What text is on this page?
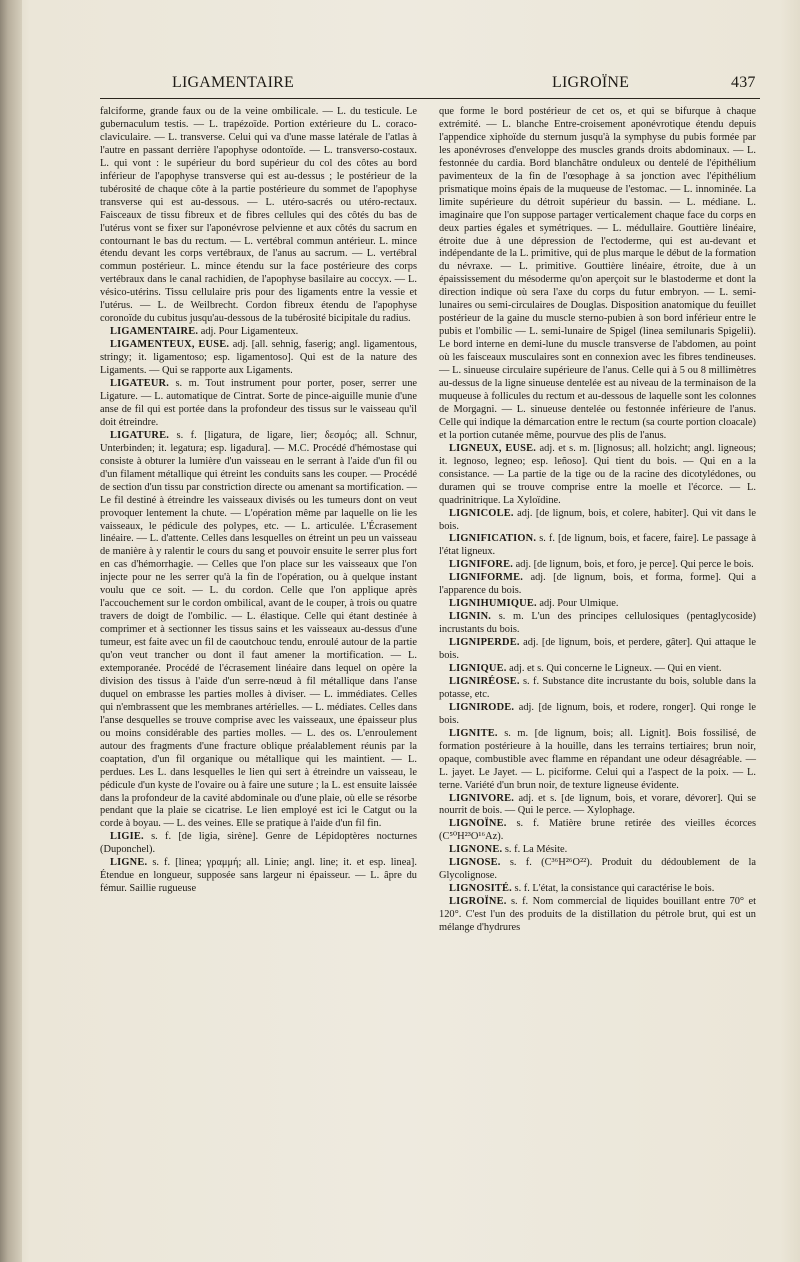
LIGAMENTAIRE	LIGROÏNE	437

falciforme, grande faux ou de la veine ombilicale. — L. du testicule. Le gubernaculum testis. — L. trapézoïde. Portion extérieure du L. coraco-claviculaire. — L. transverse. Celui qui va d'une masse latérale de l'atlas à l'autre en passant derrière l'apophyse odontoïde. — L. transverso-costaux. L. qui vont : le supérieur du bord supérieur du col des côtes au bord inférieur de l'apophyse transverse qui est au-dessus ; le postérieur de la tubérosité de chaque côte à la partie postérieure du sommet de l'apophyse transverse qui est au-dessous. — L. utéro-sacrés ou utéro-rectaux. Faisceaux de tissu fibreux et de fibres cellules qui des côtés du bas de l'utérus vont se fixer sur l'aponévrose pelvienne et aux côtés du sacrum en contournant le bas du rectum. — L. vertébral commun antérieur. L. mince étendu devant les corps vertébraux, de l'anus au sacrum. — L. vertébral commun postérieur. L. mince étendu sur la face postérieure des corps vertébraux dans le canal rachidien, de l'apophyse basilaire au coccyx. — L. vésico-utérins. Tissu cellulaire pris pour des ligaments entre la vessie et l'utérus. — L. de Weilbrecht. Cordon fibreux étendu de l'apophyse coronoïde du cubitus jusqu'au-dessous de la tubérosité bicipitale du radius.

LIGAMENTAIRE. adj. Pour Ligamenteux.

LIGAMENTEUX, EUSE. adj. [all. sehnig, faserig; angl. ligamentous, stringy; it. ligamentoso; esp. ligamentoso]. Qui est de la nature des Ligaments. — Qui se rapporte aux Ligaments.

LIGATEUR. s. m. Tout instrument pour porter, poser, serrer une Ligature. — L. automatique de Cintrat. Sorte de pince-aiguille munie d'une anse de fil qui est portée dans la profondeur des tissus sur le vaisseau qu'il doit étreindre.

LIGATURE. s. f. [ligatura, de ligare, lier; δεσμός; all. Schnur, Unterbinden; it. legatura; esp. ligadura]. — M.C. Procédé d'hémostase qui consiste à obturer la lumière d'un vaisseau en le serrant à l'aide d'un fil ou d'un filament métallique qui étreint les conduits sans les couper. — Procédé de section d'un tissu par constriction directe ou amenant sa mortification. — Le fil destiné à étreindre les vaisseaux divisés ou les tumeurs dont on veut provoquer lentement la chute. — L'opération même par laquelle on lie les vaisseaux, le pédicule des polypes, etc. — L. articulée. L'Écrasement linéaire. — L. d'attente. Celles dans lesquelles on étreint un peu un vaisseau de manière à y ralentir le cours du sang et pouvoir ensuite le serrer plus fort en cas d'hémorrhagie. — Celles que l'on place sur les vaisseaux que l'on injecte pour ne les serrer qu'à la fin de l'opération, ou à quelque instant voulu que ce soit. — L. du cordon. Celle que l'on applique après l'accouchement sur le cordon ombilical, avant de le couper, à trois ou quatre travers de doigt de l'ombilic. — L. élastique. Celle qui étant destinée à comprimer et à sectionner les tissus sains et les vaisseaux au-dessus d'une tumeur, est faite avec un fil de caoutchouc tendu, enroulé autour de la partie qu'on veut trancher ou dont il faut amener la mortification. — L. extemporanée. Procédé de l'écrasement linéaire dans lequel on opère la division des tissus à l'aide d'un serre-nœud à fil métallique dans l'anse duquel on embrasse les parties molles à diviser. — L. immédiates. Celles qui n'embrassent que les membranes artérielles. — L. médiates. Celles dans l'anse desquelles se trouve comprise avec les vaisseaux, une épaisseur plus ou moins considérable des parties molles. — L. des os. L'enroulement autour des fragments d'une fracture oblique préalablement réunis par la coaptation, d'un fil organique ou métallique qui les maintient. — L. perdues. Les L. dans lesquelles le lien qui sert à étreindre un vaisseau, le pédicule d'un kyste de l'ovaire ou à faire une suture ; la L. est ensuite laissée dans la profondeur de la cavité abdominale ou d'une plaie, où elle se résorbe pendant que la plaie se cicatrise. Le lien employé est ici le Catgut ou la corde à boyau. — L. des veines. Elle se pratique à l'aide d'un fil fin.

LIGIE. s. f. [de ligia, sirène]. Genre de Lépidoptères nocturnes (Duponchel).

LIGNE. s. f. [linea; γραμμή; all. Linie; angl. line; it. et esp. linea]. Étendue en longueur, supposée sans largeur ni épaisseur. — L. âpre du fémur. Saillie rugueuse

que forme le bord postérieur de cet os, et qui se bifurque à chaque extrémité. — L. blanche Entre-croisement aponévrotique étendu depuis l'appendice xiphoïde du sternum jusqu'à la symphyse du pubis formée par les aponévroses d'enveloppe des muscles grands droits abdominaux. — L. festonnée du cardia. Bord blanchâtre onduleux ou dentelé de l'épithélium pavimenteux de la fin de l'œsophage à sa jonction avec l'épithélium prismatique moins épais de la muqueuse de l'estomac. — L. innominée. La limite supérieure du détroit supérieur du bassin. — L. médiane. L. imaginaire que l'on suppose partager verticalement chaque face du corps en deux parties égales et symétriques. — L. médullaire. Gouttière linéaire, étroite due à une dépression de l'ectoderme, qui est au-devant et indépendante de la L. primitive, qui de plus marque le début de la formation du névraxe. — L. primitive. Gouttière linéaire, étroite, due à un épaississement du mésoderme qu'on aperçoit sur le blastoderme et dont la direction indique où sera l'axe du corps du futur embryon. — L. semi-lunaires ou semi-circulaires de Douglas. Disposition anatomique du feuillet postérieur de la gaine du muscle sterno-pubien à son bord inférieur entre le pubis et l'ombilic — L. semi-lunaire de Spigel (linea semilunaris Spigelii). Le bord interne en demi-lune du muscle transverse de l'abdomen, au point où les faisceaux musculaires sont en connexion avec les fibres tendineuses. — L. sinueuse circulaire supérieure de l'anus. Celle qui à 5 ou 8 millimètres au-dessus de la ligne sinueuse dentelée est au niveau de la terminaison de la muqueuse à follicules du rectum et au-dessous de laquelle sont les colonnes de Morgagni. — L. sinueuse dentelée ou festonnée inférieure de l'anus. Celle qui indique la démarcation entre le rectum (sa courte portion cloacale) et la portion cutanée même, pourvue des plis de l'anus.

LIGNEUX, EUSE. adj. et s. m. [lignosus; all. holzicht; angl. ligneous; it. legnoso, legneo; esp. leñoso]. Qui tient du bois. — Qui en a la consistance. — La partie de la tige ou de la racine des dicotylédones, ou duramen qui se trouve comprise entre la moelle et l'écorce. — L. quadrinitrique. La Xyloïdine.

LIGNICOLE. adj. [de lignum, bois, et colere, habiter]. Qui vit dans le bois.

LIGNIFICATION. s. f. [de lignum, bois, et facere, faire]. Le passage à l'état ligneux.

LIGNIFORE. adj. [de lignum, bois, et foro, je perce]. Qui perce le bois.

LIGNIFORME. adj. [de lignum, bois, et forma, forme]. Qui a l'apparence du bois.

LIGNIHUMIQUE. adj. Pour Ulmique.

LIGNIN. s. m. L'un des principes cellulosiques (pentaglycoside) incrustants du bois.

LIGNIPERDE. adj. [de lignum, bois, et perdere, gâter]. Qui attaque le bois.

LIGNIQUE. adj. et s. Qui concerne le Ligneux. — Qui en vient.

LIGNIRÉOSE. s. f. Substance dite incrustante du bois, soluble dans la potasse, etc.

LIGNIRODE. adj. [de lignum, bois, et rodere, ronger]. Qui ronge le bois.

LIGNITE. s. m. [de lignum, bois; all. Lignit]. Bois fossilisé, de formation postérieure à la houille, dans les terrains tertiaires; brun noir, opaque, combustible avec flamme en répandant une odeur désagréable. — L. jayet. Le Jayet. — L. piciforme. Celui qui a l'aspect de la poix. — L. terne. Variété d'un brun noir, de texture ligneuse évidente.

LIGNIVORE. adj. et s. [de lignum, bois, et vorare, dévorer]. Qui se nourrit de bois. — Qui le perce. — Xylophage.

LIGNOÏNE. s. f. Matière brune retirée des vieilles écorces (C⁵⁰H²³O¹⁶Az).

LIGNONE. s. f. La Mésite.

LIGNOSE. s. f. (C³⁶H²⁶O²²). Produit du dédoublement de la Glycolignose.

LIGNOSITÉ. s. f. L'état, la consistance qui caractérise le bois.

LIGROÏNE. s. f. Nom commercial de liquides bouillant entre 70° et 120°. C'est l'un des produits de la distillation du pétrole brut, qui est un mélange d'hydrures
